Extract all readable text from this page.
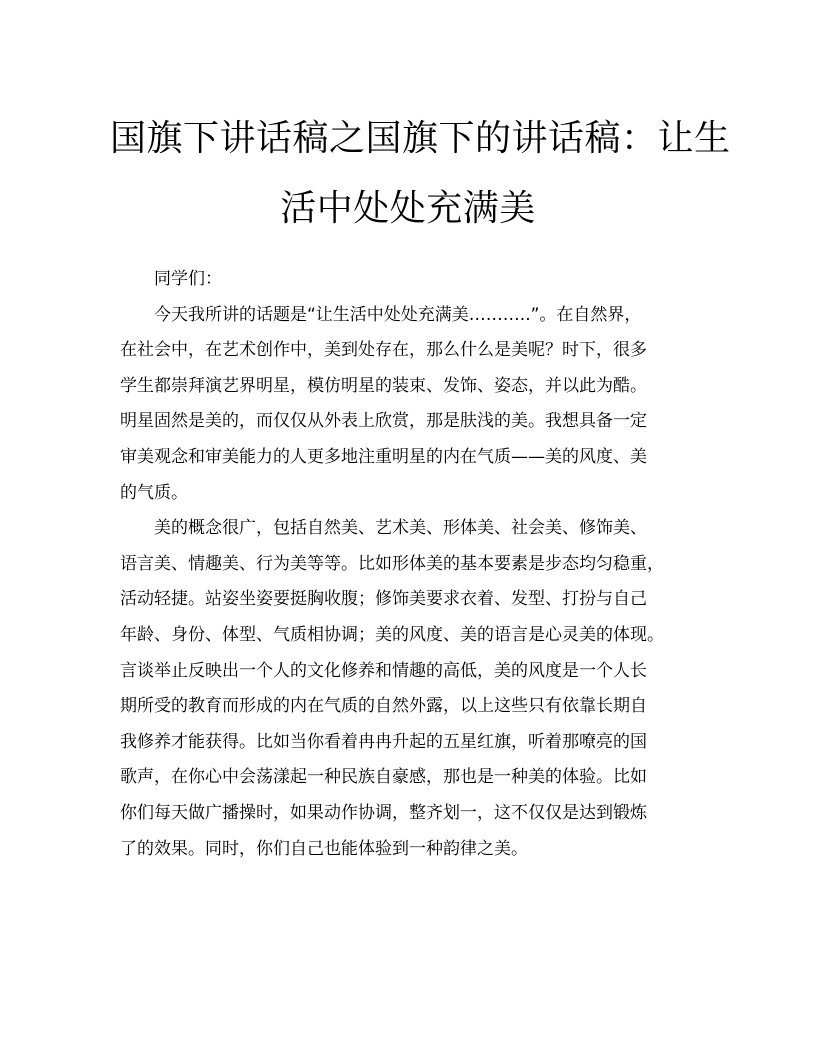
国旗下讲话稿之国旗下的讲话稿：让生
活中处处充满美

同学们：

今天我所讲的话题是“让生活中处处充满美………..”。在自然界，
在社会中，在艺术创作中，美到处存在，那么什么是美呢？时下，很多
学生都崇拜演艺界明星，模仿明星的装束、发饰、姿态，并以此为酷。
明星固然是美的，而仅仅从外表上欣赏，那是肤浅的美。我想具备一定
审美观念和审美能力的人更多地注重明星的内在气质——美的风度、美
的气质。

美的概念很广，包括自然美、艺术美、形体美、社会美、修饰美、
语言美、情趣美、行为美等等。比如形体美的基本要素是步态均匀稳重，
活动轻捷。站姿坐姿要挺胸收腹；修饰美要求衣着、发型、打扮与自己
年龄、身份、体型、气质相协调；美的风度、美的语言是心灵美的体现。
言谈举止反映出一个人的文化修养和情趣的高低，美的风度是一个人长
期所受的教育而形成的内在气质的自然外露，以上这些只有依靠长期自
我修养才能获得。比如当你看着冉冉升起的五星红旗，听着那嘹亮的国
歌声，在你心中会荡漾起一种民族自豪感，那也是一种美的体验。比如
你们每天做广播操时，如果动作协调，整齐划一，这不仅仅是达到锻炼
了的效果。同时，你们自己也能体验到一种韵律之美。
